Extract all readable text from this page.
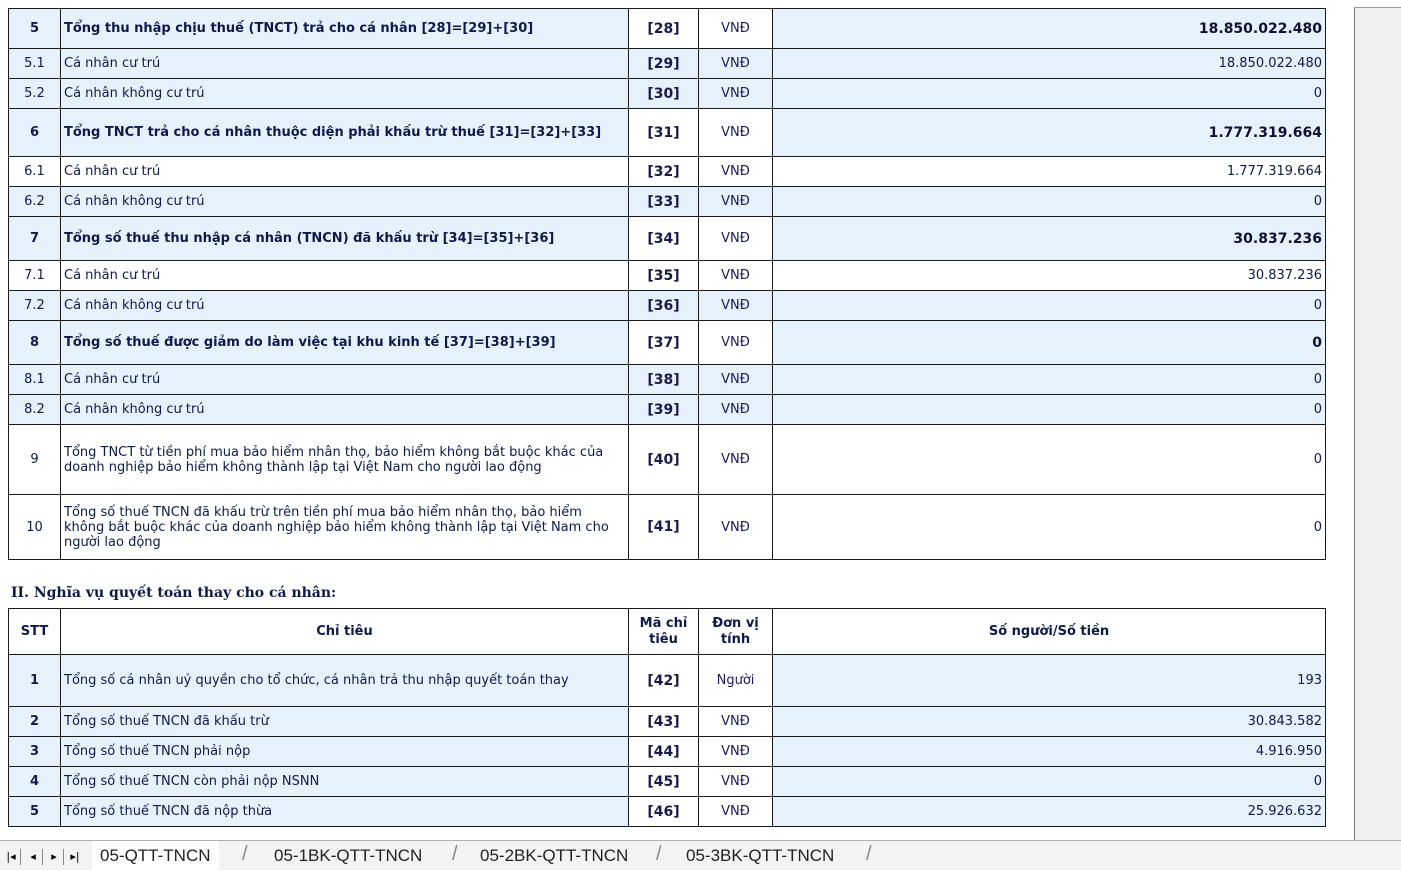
5	Tổng thu nhập chịu thuế (TNCT) trả cho cá nhân [28]=[29]+[30]	[28]	VNĐ	18.850.022.480
5.1	Cá nhân cư trú	[29]	VNĐ	18.850.022.480
5.2	Cá nhân không cư trú	[30]	VNĐ	0
6	Tổng TNCT trả cho cá nhân thuộc diện phải khấu trừ thuế [31]=[32]+[33]	[31]	VNĐ	1.777.319.664
6.1	Cá nhân cư trú	[32]	VNĐ	1.777.319.664
6.2	Cá nhân không cư trú	[33]	VNĐ	0
7	Tổng số thuế thu nhập cá nhân (TNCN) đã khấu trừ [34]=[35]+[36]	[34]	VNĐ	30.837.236
7.1	Cá nhân cư trú	[35]	VNĐ	30.837.236
7.2	Cá nhân không cư trú	[36]	VNĐ	0
8	Tổng số thuế được giảm do làm việc tại khu kinh tế [37]=[38]+[39]	[37]	VNĐ	0
8.1	Cá nhân cư trú	[38]	VNĐ	0
8.2	Cá nhân không cư trú	[39]	VNĐ	0
9	Tổng TNCT từ tiền phí mua bảo hiểm nhân thọ, bảo hiểm không bắt buộc khác của doanh nghiệp bảo hiểm không thành lập tại Việt Nam cho người lao động	[40]	VNĐ	0
10	Tổng số thuế TNCN đã khấu trừ trên tiền phí mua bảo hiểm nhân thọ, bảo hiểm không bắt buộc khác của doanh nghiệp bảo hiểm không thành lập tại Việt Nam cho người lao động	[41]	VNĐ	0
II. Nghĩa vụ quyết toán thay cho cá nhân:
STT	Chỉ tiêu	Mã chỉ tiêu	Đơn vị tính	Số người/Số tiền
1	Tổng số cá nhân uỷ quyền cho tổ chức, cá nhân trả thu nhập quyết toán thay	[42]	Người	193
2	Tổng số thuế TNCN đã khấu trừ	[43]	VNĐ	30.843.582
3	Tổng số thuế TNCN phải nộp	[44]	VNĐ	4.916.950
4	Tổng số thuế TNCN còn phải nộp NSNN	[45]	VNĐ	0
5	Tổng số thuế TNCN đã nộp thừa	[46]	VNĐ	25.926.632
|◂	◂	▸	▸|	05-QTT-TNCN	/ 05-1BK-QTT-TNCN / 05-2BK-QTT-TNCN / 05-3BK-QTT-TNCN /
